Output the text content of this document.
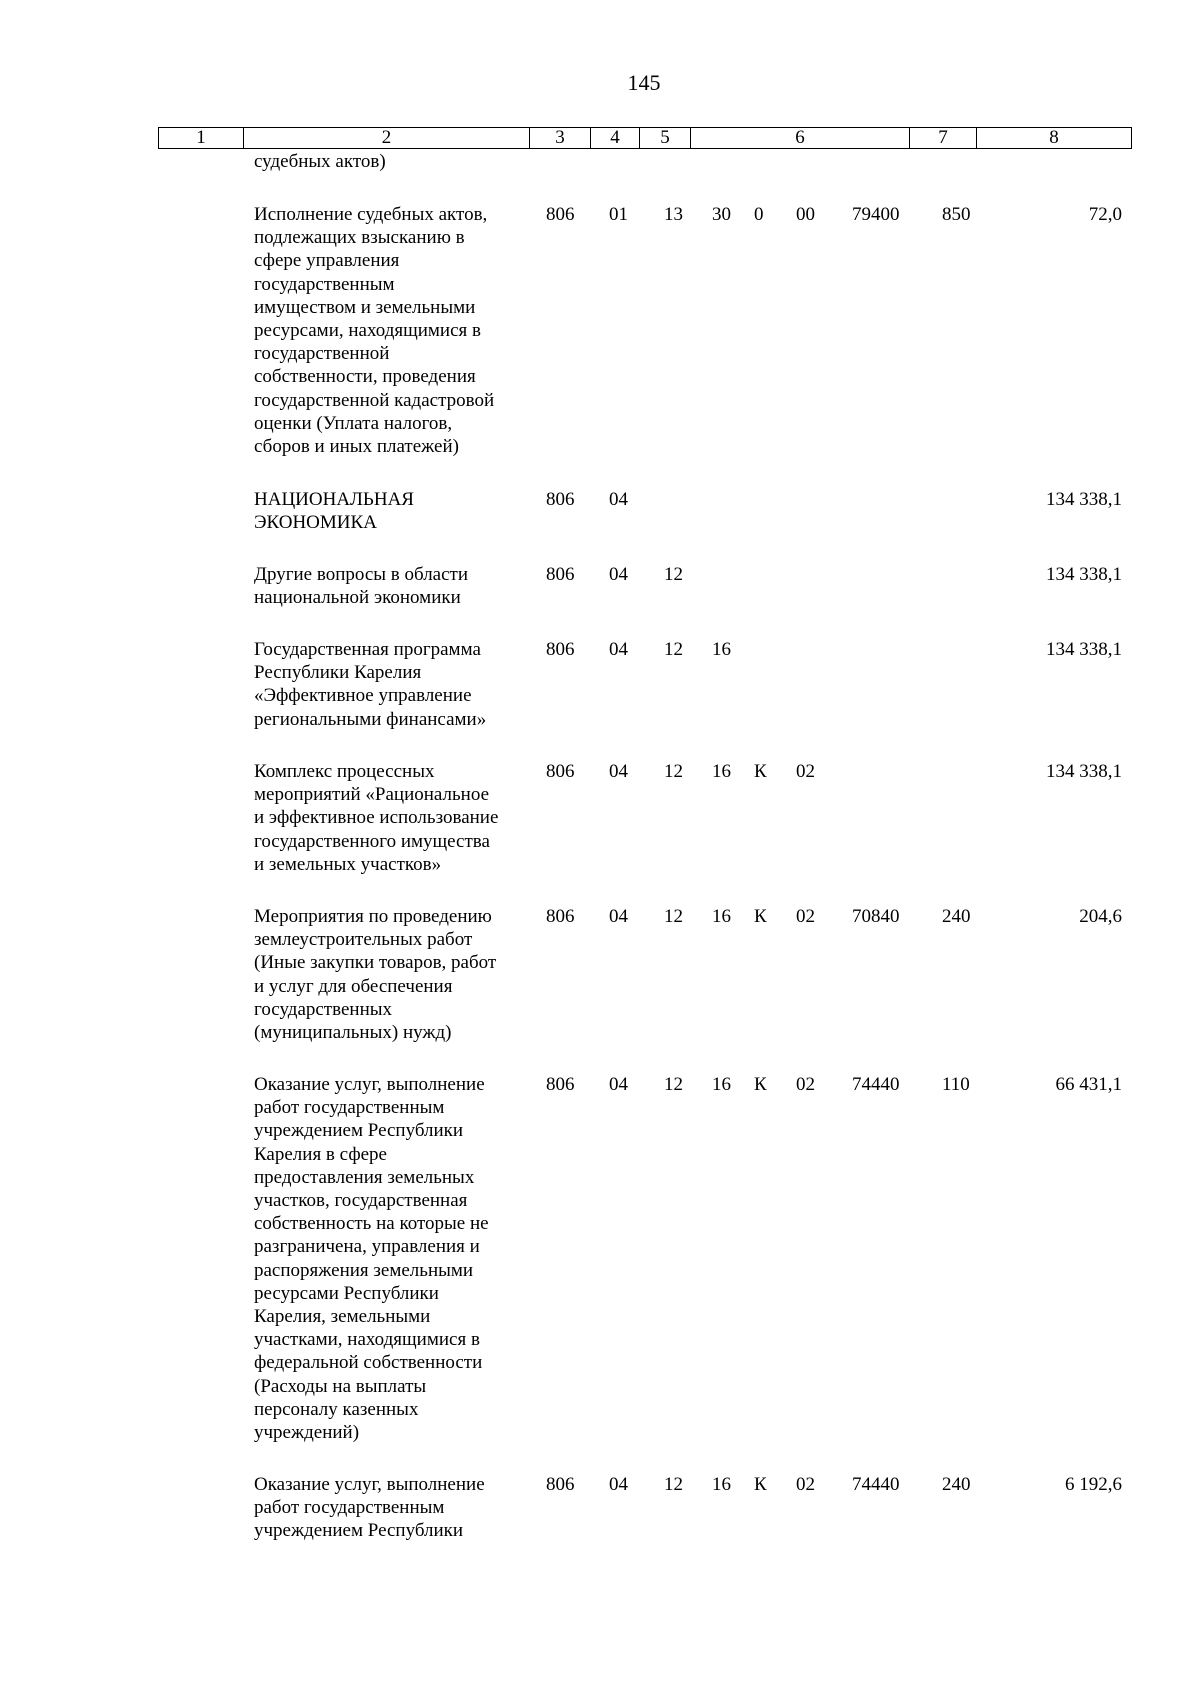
145
1	2	3	4	5	6	7	8
судебных актов)
Исполнение судебных актов,
подлежащих взысканию в
сфере управления
государственным
имуществом и земельными
ресурсами, находящимися в
государственной
собственности, проведения
государственной кадастровой
оценки (Уплата налогов,
сборов и иных платежей)
806 01 13 30 0 00 79400 850	72,0
НАЦИОНАЛЬНАЯ
ЭКОНОМИКА
806 04	134 338,1
Другие вопросы в области
национальной экономики
806 04 12	134 338,1
Государственная программа
Республики Карелия
«Эффективное управление
региональными финансами»
806 04 12 16	134 338,1
Комплекс процессных
мероприятий «Рациональное
и эффективное использование
государственного имущества
и земельных участков»
806 04 12 16 К 02	134 338,1
Мероприятия по проведению
землеустроительных работ
(Иные закупки товаров, работ
и услуг для обеспечения
государственных
(муниципальных) нужд)
806 04 12 16 К 02 70840 240	204,6
Оказание услуг, выполнение
работ государственным
учреждением Республики
Карелия в сфере
предоставления земельных
участков, государственная
собственность на которые не
разграничена, управления и
распоряжения земельными
ресурсами Республики
Карелия, земельными
участками, находящимися в
федеральной собственности
(Расходы на выплаты
персоналу казенных
учреждений)
806 04 12 16 К 02 74440 110	66 431,1
Оказание услуг, выполнение
работ государственным
учреждением Республики
806 04 12 16 К 02 74440 240	6 192,6
